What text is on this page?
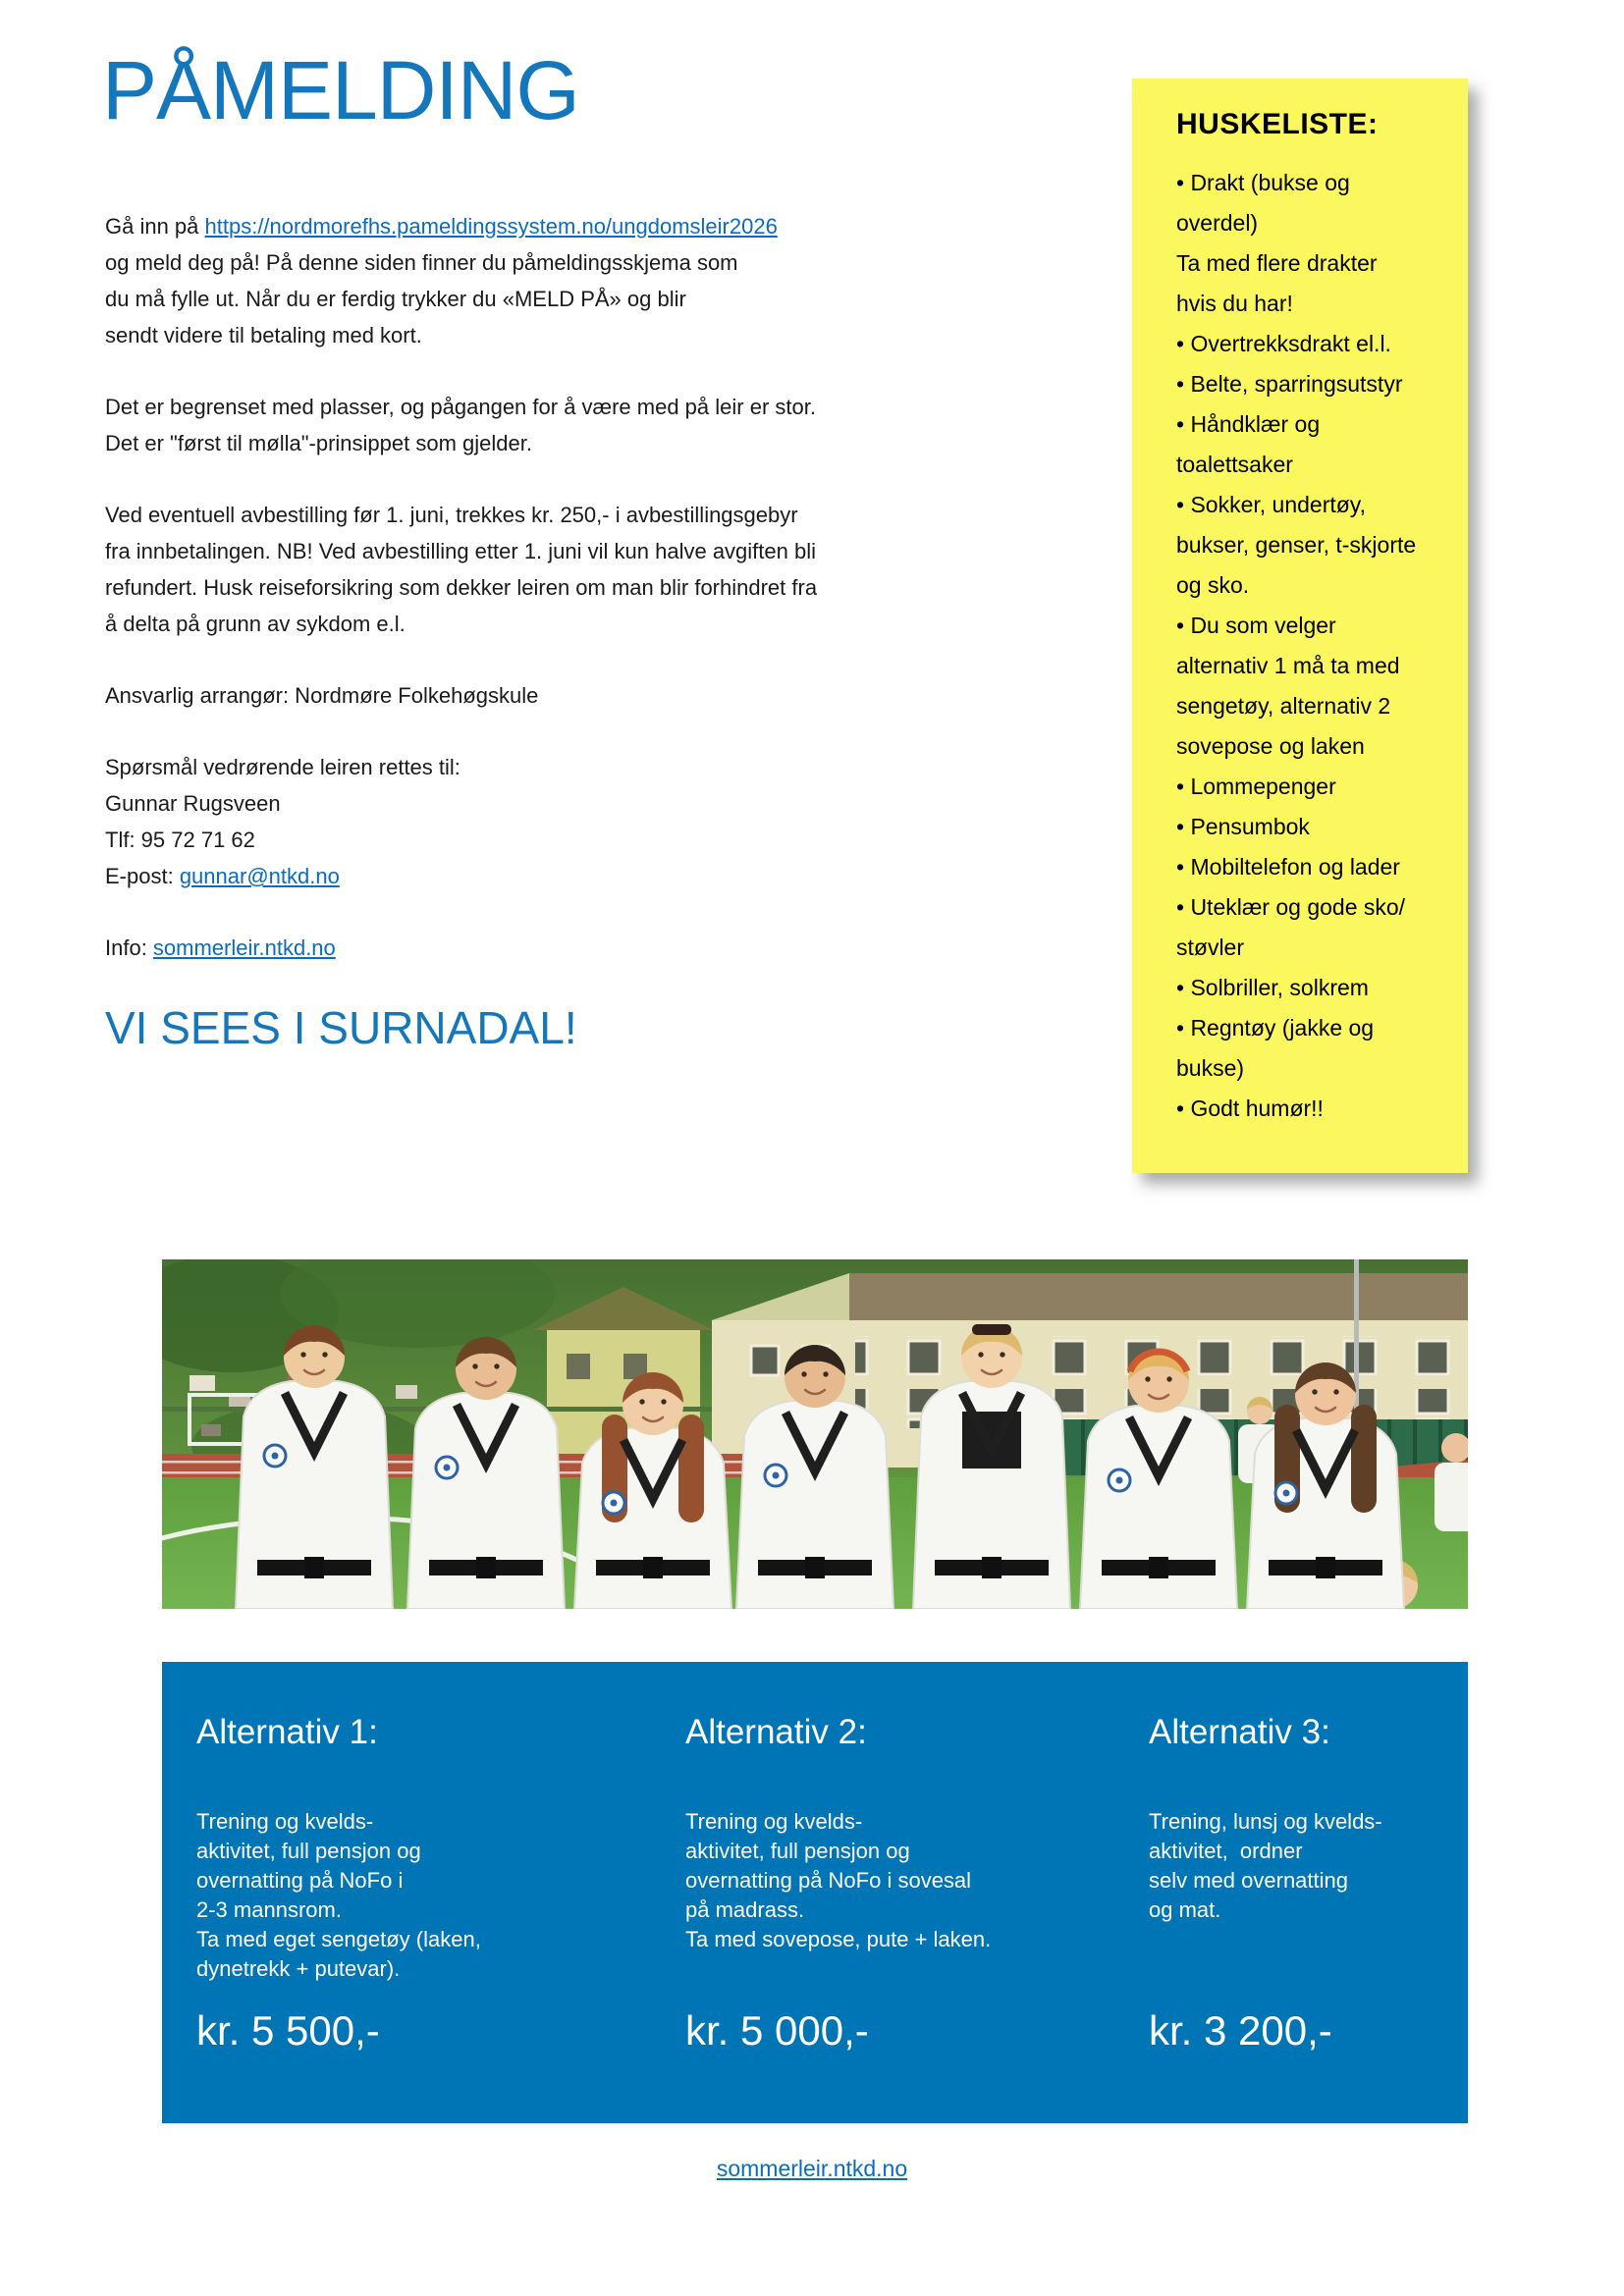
PÅMELDING

Gå inn på https://nordmorefhs.pameldingssystem.no/ungdomsleir2026
og meld deg på! På denne siden finner du påmeldingsskjema som
du må fylle ut. Når du er ferdig trykker du «MELD PÅ» og blir
sendt videre til betaling med kort.

Det er begrenset med plasser, og pågangen for å være med på leir er stor.
Det er "først til mølla"-prinsippet som gjelder.

Ved eventuell avbestilling før 1. juni, trekkes kr. 250,- i avbestillingsgebyr
fra innbetalingen. NB! Ved avbestilling etter 1. juni vil kun halve avgiften bli
refundert. Husk reiseforsikring som dekker leiren om man blir forhindret fra
å delta på grunn av sykdom e.l.

Ansvarlig arrangør: Nordmøre Folkehøgskule

Spørsmål vedrørende leiren rettes til:
Gunnar Rugsveen
Tlf: 95 72 71 62
E-post: gunnar@ntkd.no

Info: sommerleir.ntkd.no

VI SEES I SURNADAL!
HUSKELISTE:
• Drakt (bukse og
overdel)
Ta med flere drakter
hvis du har!
• Overtrekksdrakt el.l.
• Belte, sparringsutstyr
• Håndklær og
toalettsaker
• Sokker, undertøy,
bukser, genser, t-skjorte
og sko.
• Du som velger
alternativ 1 må ta med
sengetøy, alternativ 2
sovepose og laken
• Lommepenger
• Pensumbok
• Mobiltelefon og lader
• Uteklær og gode sko/
støvler
• Solbriller, solkrem
• Regntøy (jakke og
bukse)
• Godt humør!!
Alternativ 1:
Trening og kvelds-
aktivitet, full pensjon og
overnatting på NoFo i
2-3 mannsrom.
Ta med eget sengetøy (laken,
dynetrekk + putevar).
kr. 5 500,-
Alternativ 2:
Trening og kvelds-
aktivitet, full pensjon og
overnatting på NoFo i sovesal
på madrass.
Ta med sovepose, pute + laken.
kr. 5 000,-
Alternativ 3:
Trening, lunsj og kvelds-
aktivitet,  ordner
selv med overnatting
og mat.
kr. 3 200,-
sommerleir.ntkd.no
